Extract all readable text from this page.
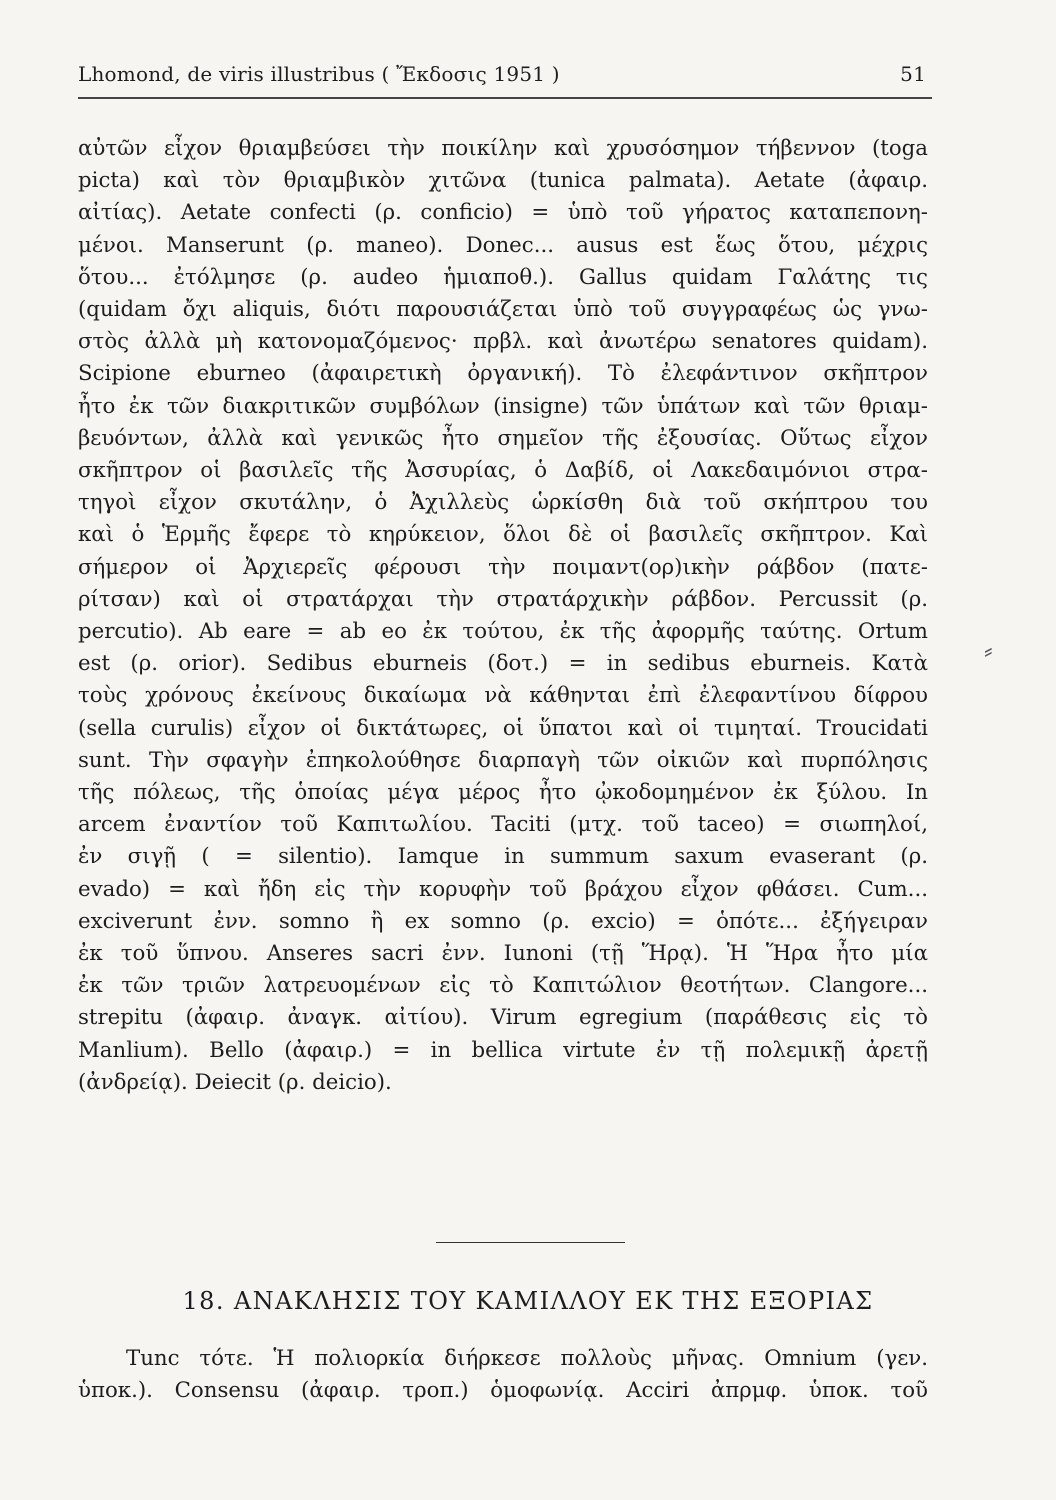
Lhomond, de viris illustribus ( Ἔκδοσις 1951 )	51
αὐτῶν εἶχον θριαμβεύσει τὴν ποικίλην καὶ χρυσόσημον τήβεννον (toga
picta) καὶ τὸν θριαμβικὸν χιτῶνα (tunica palmata). Aetate (ἀφαιρ.
αἰτίας). Aetate confecti (ρ. conficio) = ὑπὸ τοῦ γήρατος καταπεπονη-
μένοι. Manserunt (ρ. maneo). Donec... ausus est ἕως ὅτου, μέχρις
ὅτου... ἐτόλμησε (ρ. audeo ἡμιαποθ.). Gallus quidam Γαλάτης τις
(quidam ὄχι aliquis, διότι παρουσιάζεται ὑπὸ τοῦ συγγραφέως ὡς γνω-
στὸς ἀλλὰ μὴ κατονομαζόμενος· πρβλ. καὶ ἀνωτέρω senatores quidam).
Scipione eburneo (ἀφαιρετικὴ ὀργανική). Τὸ ἐλεφάντινον σκῆπτρον
ἦτο ἐκ τῶν διακριτικῶν συμβόλων (insigne) τῶν ὑπάτων καὶ τῶν θριαμ-
βευόντων, ἀλλὰ καὶ γενικῶς ἦτο σημεῖον τῆς ἐξουσίας. Οὕτως εἶχον
σκῆπτρον οἱ βασιλεῖς τῆς Ἀσσυρίας, ὁ Δαβίδ, οἱ Λακεδαιμόνιοι στρα-
τηγοὶ εἶχον σκυτάλην, ὁ Ἀχιλλεὺς ὡρκίσθη διὰ τοῦ σκήπτρου του
καὶ ὁ Ἑρμῆς ἔφερε τὸ κηρύκειον, ὅλοι δὲ οἱ βασιλεῖς σκῆπτρον. Καὶ
σήμερον οἱ Ἀρχιερεῖς φέρουσι τὴν ποιμαντ(ορ)ικὴν ράβδον (πατε-
ρίτσαν) καὶ οἱ στρατάρχαι τὴν στρατάρχικὴν ράβδον. Percussit (ρ.
percutio). Ab eare = ab eo ἐκ τούτου, ἐκ τῆς ἀφορμῆς ταύτης. Ortum
est (ρ. orior). Sedibus eburneis (δοτ.) = in sedibus eburneis. Κατὰ
τοὺς χρόνους ἐκείνους δικαίωμα νὰ κάθηνται ἐπὶ ἐλεφαντίνου δίφρου
(sella curulis) εἶχον οἱ δικτάτωρες, οἱ ὕπατοι καὶ οἱ τιμηταί. Troucidati
sunt. Τὴν σφαγὴν ἐπηκολούθησε διαρπαγὴ τῶν οἰκιῶν καὶ πυρπόλησις
τῆς πόλεως, τῆς ὁποίας μέγα μέρος ἦτο ᾠκοδομημένον ἐκ ξύλου. In
arcem ἐναντίον τοῦ Καπιτωλίου. Taciti (μτχ. τοῦ taceo) = σιωπηλοί,
ἐν σιγῇ ( = silentio). Iamque in summum saxum evaserant (ρ.
evado) = καὶ ἤδη εἰς τὴν κορυφὴν τοῦ βράχου εἶχον φθάσει. Cum...
exciverunt ἐνν. somno ἢ ex somno (ρ. excio) = ὁπότε... ἐξήγειραν
ἐκ τοῦ ὕπνου. Anseres sacri ἐνν. Iunoni (τῇ Ἥρᾳ). Ἡ Ἥρα ἦτο μία
ἐκ τῶν τριῶν λατρευομένων εἰς τὸ Καπιτώλιον θεοτήτων. Clangore...
strepitu (ἀφαιρ. ἀναγκ. αἰτίου). Virum egregium (παράθεσις εἰς τὸ
Manlium). Bello (ἀφαιρ.) = in bellica virtute ἐν τῇ πολεμικῇ ἀρετῇ
(ἀνδρείᾳ). Deiecit (ρ. deicio).
⸗
18. ΑΝΑΚΛΗΣΙΣ ΤΟΥ ΚΑΜΙΛΛΟΥ ΕΚ ΤΗΣ ΕΞΟΡΙΑΣ
Tunc τότε. Ἡ πολιορκία διήρκεσε πολλοὺς μῆνας. Omnium (γεν.
ὑποκ.). Consensu (ἀφαιρ. τροπ.) ὁμοφωνίᾳ. Acciri ἀπρμφ. ὑποκ. τοῦ
